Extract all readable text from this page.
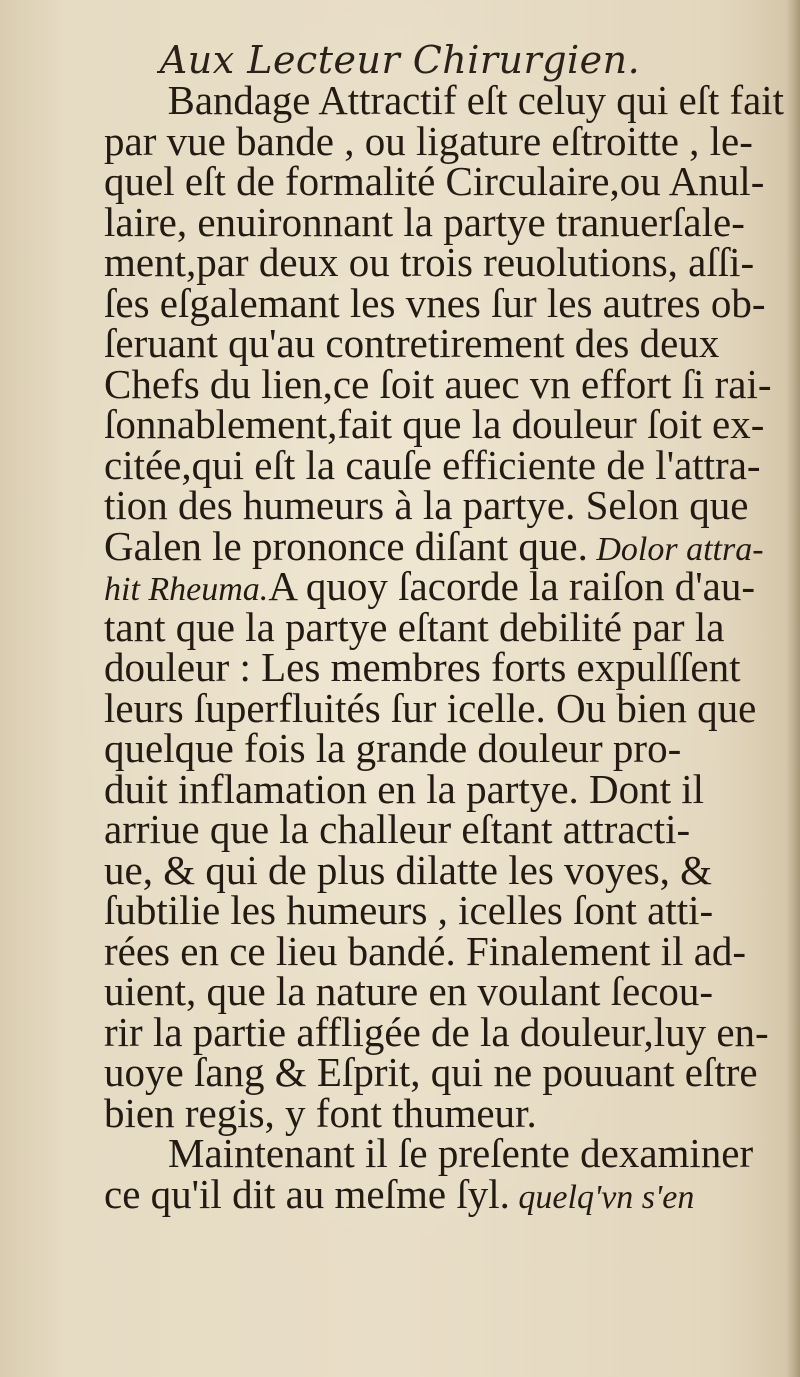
Aux Lecteur Chirurgien.
Bandage Attractif eſt celuy qui eſt fait
par vue bande , ou ligature eſtroitte , le-
quel eſt de formalité Circulaire,ou Anul-
laire, enuironnant la partye tranuerſale-
ment,par deux ou trois reuolutions, aſſi-
ſes eſgalemant les vnes ſur les autres ob-
ſeruant qu'au contretirement des deux
Chefs du lien,ce ſoit auec vn effort ſi rai-
ſonnablement,fait que la douleur ſoit ex-
citée,qui eſt la cauſe efficiente de l'attra-
tion des humeurs à la partye. Selon que
Galen le prononce diſant que. Dolor attra-
hit Rheuma.A quoy ſacorde la raiſon d'au-
tant que la partye eſtant debilité par la
douleur : Les membres forts expulſſent
leurs ſuperfluités ſur icelle. Ou bien que
quelque fois la grande douleur pro-
duit inflamation en la partye. Dont il
arriue que la challeur eſtant attracti-
ue, & qui de plus dilatte les voyes, &
ſubtilie les humeurs , icelles ſont atti-
rées en ce lieu bandé. Finalement il ad-
uient, que la nature en voulant ſecou-
rir la partie affligée de la douleur,luy en-
uoye ſang & Eſprit, qui ne pouuant eſtre
bien regis, y font thumeur.
Maintenant il ſe preſente dexaminer
ce qu'il dit au meſme ſyl. quelq'vn s'en
